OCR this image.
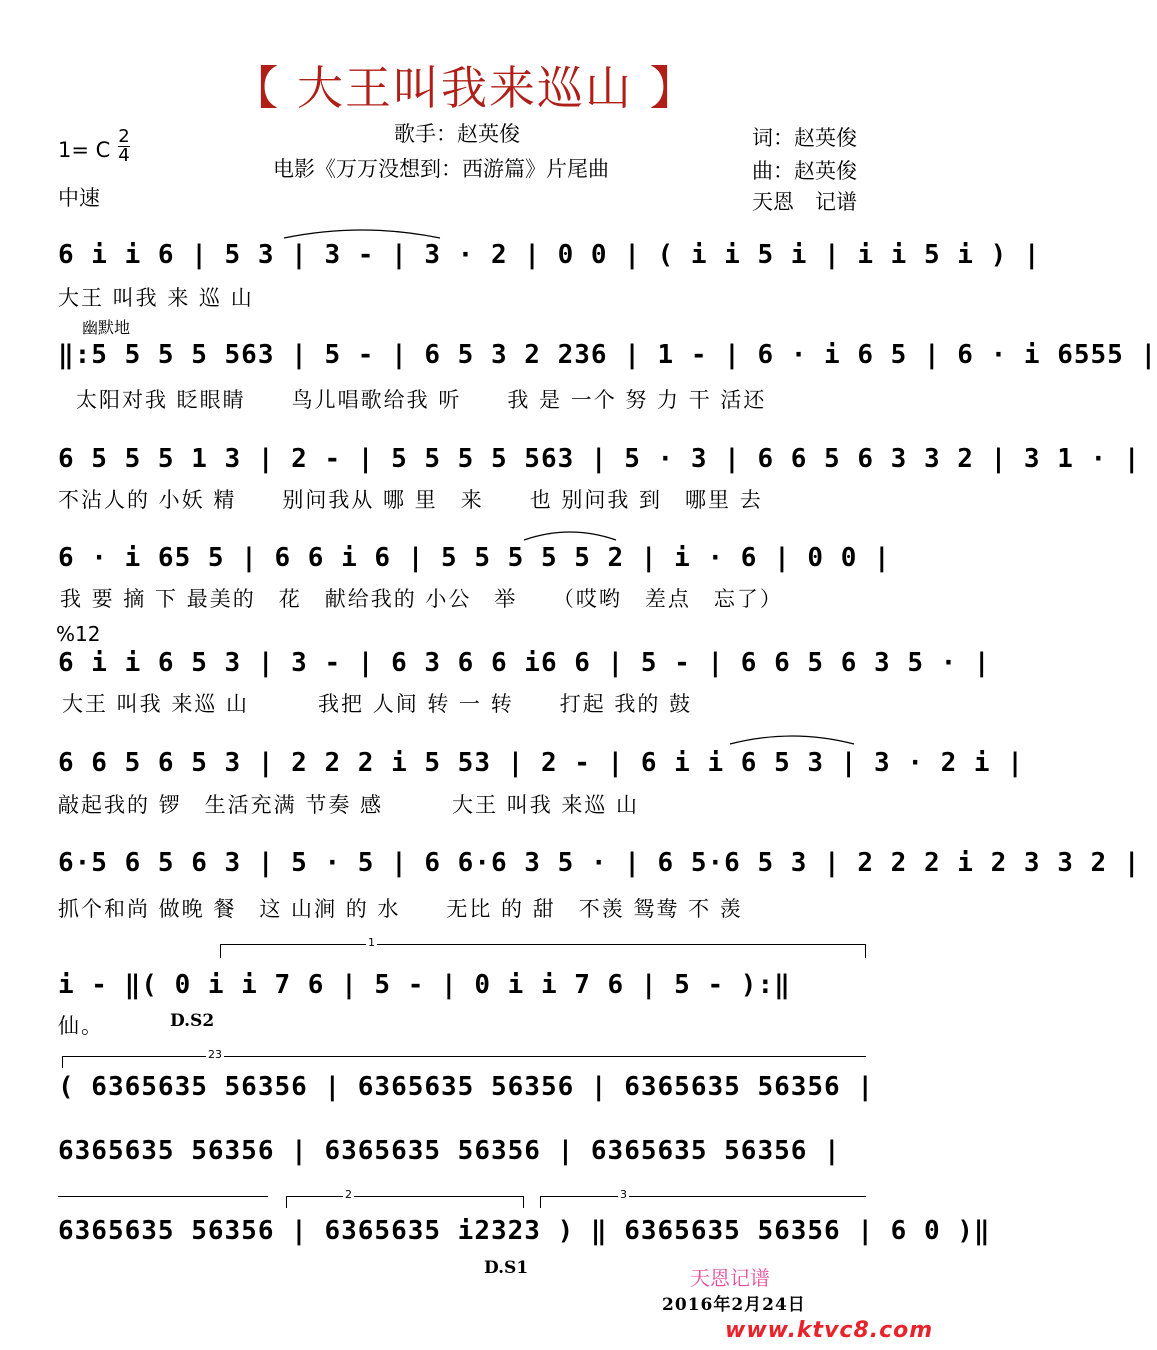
【 大王叫我来巡山 】
1= C
2
4
中速
歌手：赵英俊
电影《万万没想到：西游篇》片尾曲
词：赵英俊
曲：赵英俊
天恩　记谱
6 i i 6 | 5 3 | 3 - | 3 · 2 | 0 0 | ( i i 5 i | i i 5 i ) |
大王 叫我 来 巡 山
幽默地
‖:5 5 5 5 563 | 5 - | 6 5 3 2 236 | 1 - | 6 · i 6 5 | 6 · i 6555 |
太阳对我 眨眼睛　　鸟儿唱歌给我 听　　我 是 一个 努 力 干 活还
6 5 5 5 1 3 | 2 - | 5 5 5 5 563 | 5 · 3 | 6 6 5 6 3 3 2 | 3 1 · |
不沾人的 小妖 精　　别问我从 哪 里　来　　也 别问我 到　哪里 去
6 · i 65 5 | 6 6 i 6 | 5 5 5 5 5 2 | i · 6 | 0 0 |
我 要 摘 下 最美的　花　献给我的 小公　举　　（哎哟　差点　忘了）
%12
6 i i 6 5 3 | 3 - | 6 3 6 6 i6 6 | 5 - | 6 6 5 6 3 5 · |
大王 叫我 来巡 山　　　我把 人间 转 一 转　　打起 我的 鼓
6 6 5 6 5 3 | 2 2 2 i 5 53 | 2 - | 6 i i 6 5 3 | 3 · 2 i |
敲起我的 锣　生活充满 节奏 感　　　大王 叫我 来巡 山
6·5 6 5 6 3 | 5 · 5 | 6 6·6 3 5 · | 6 5·6 5 3 | 2 2 2 i 2 3 3 2 |
抓个和尚 做晚 餐　这 山涧 的 水　　无比 的 甜　不羡 鸳鸯 不 羡
1
i - ‖( 0 i i 7 6 | 5 - | 0 i i 7 6 | 5 - ):‖
仙。	D.S2
23
( 6365635 56356 | 6365635 56356 | 6365635 56356 |
6365635 56356 | 6365635 56356 | 6365635 56356 |
2	3
6365635 56356 | 6365635 i2323 ) ‖ 6365635 56356 | 6 0 )‖
D.S1	天恩记谱
2016年2月24日
www.ktvc8.com
